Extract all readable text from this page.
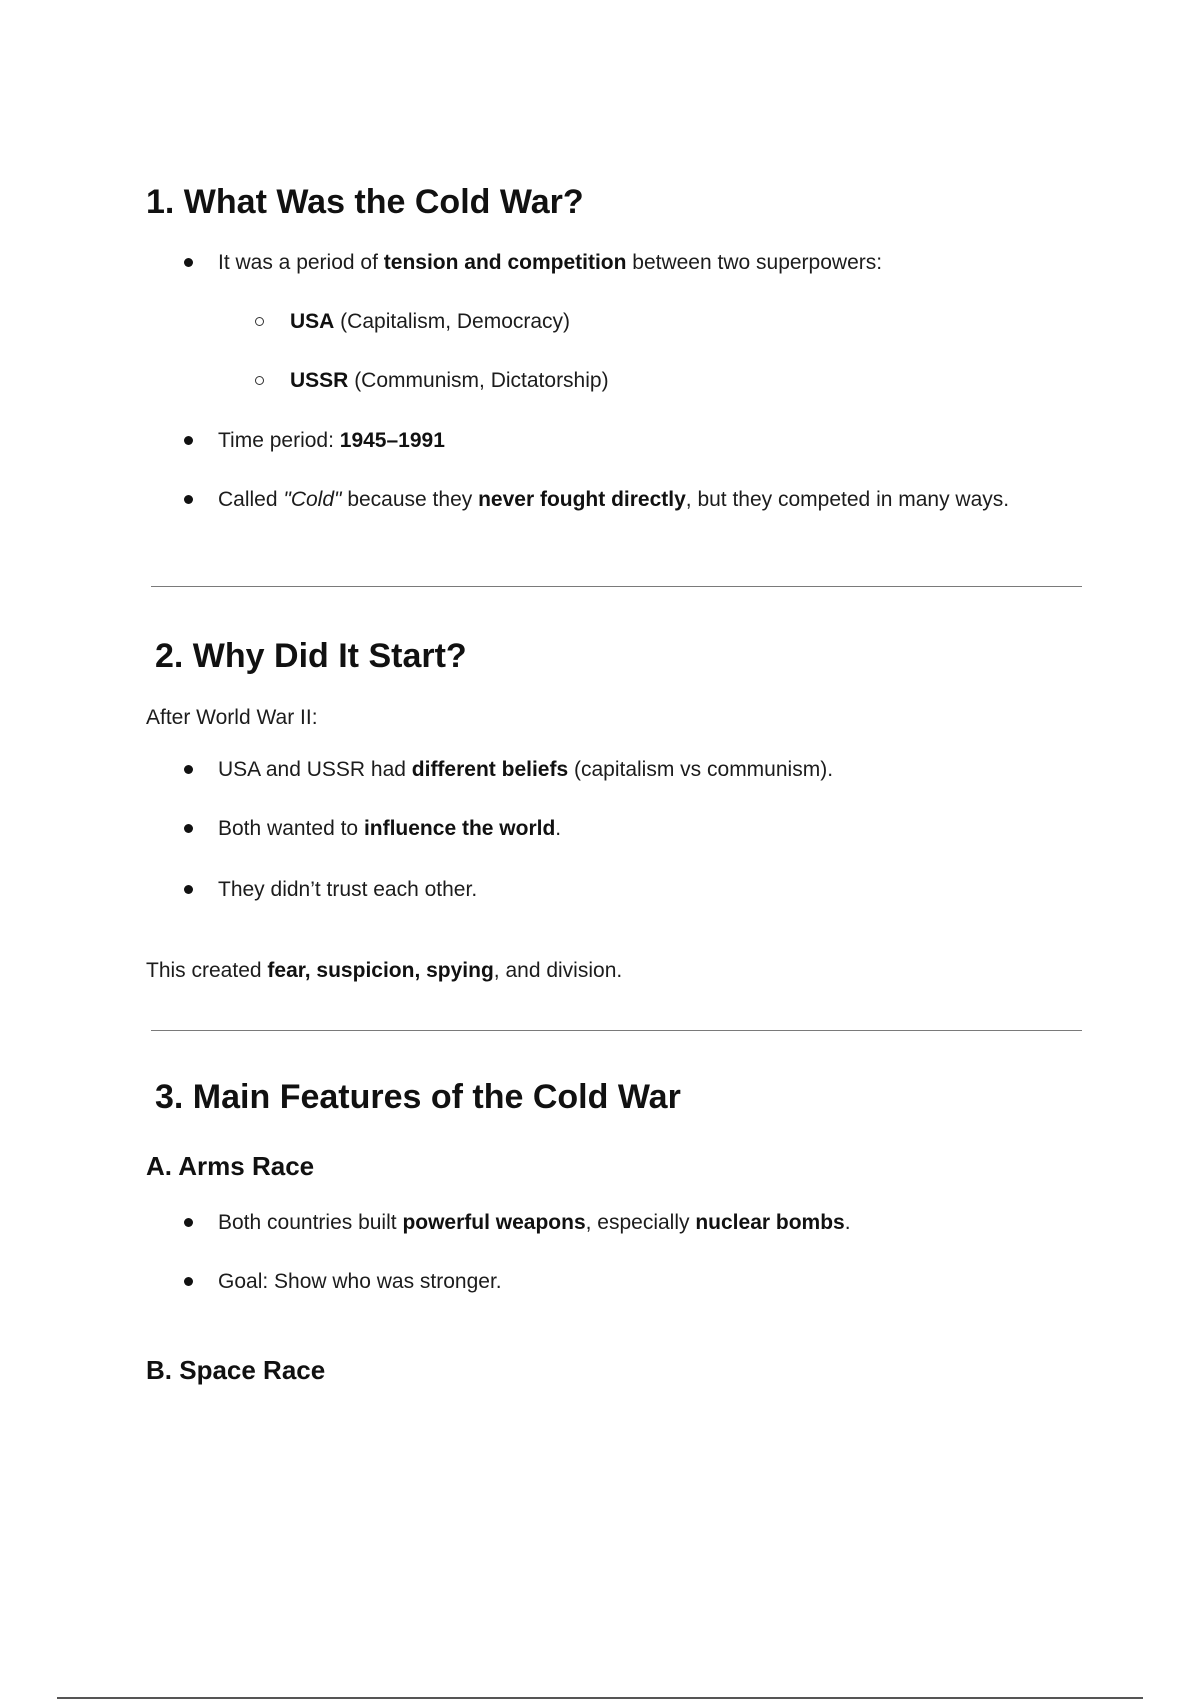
1. What Was the Cold War?
It was a period of tension and competition between two superpowers:
USA (Capitalism, Democracy)
USSR (Communism, Dictatorship)
Time period: 1945–1991
Called "Cold" because they never fought directly, but they competed in many ways.
2. Why Did It Start?
After World War II:
USA and USSR had different beliefs (capitalism vs communism).
Both wanted to influence the world.
They didn’t trust each other.
This created fear, suspicion, spying, and division.
3. Main Features of the Cold War
A. Arms Race
Both countries built powerful weapons, especially nuclear bombs.
Goal: Show who was stronger.
B. Space Race
